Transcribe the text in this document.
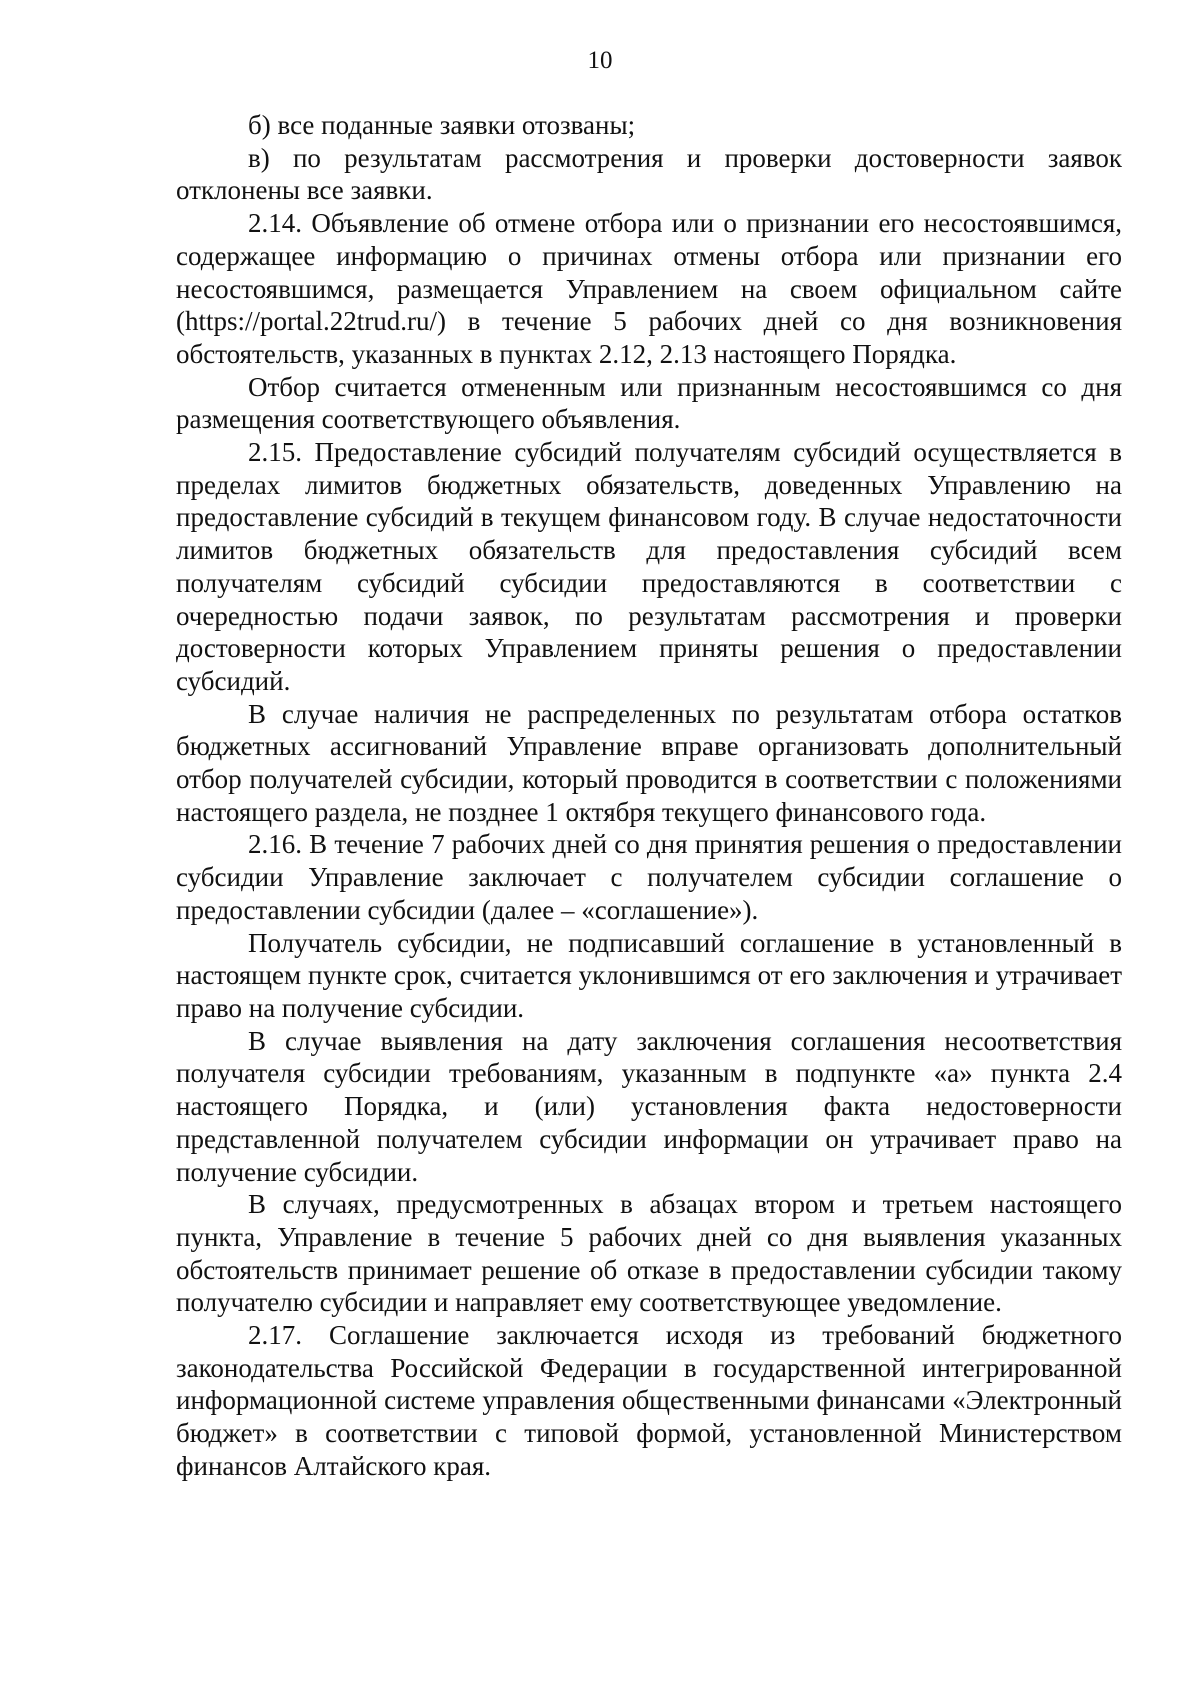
10

б) все поданные заявки отозваны;

в) по результатам рассмотрения и проверки достоверности заявок отклонены все заявки.

2.14. Объявление об отмене отбора или о признании его несостоявшимся, содержащее информацию о причинах отмены отбора или признании его несостоявшимся, размещается Управлением на своем официальном сайте (https://portal.22trud.ru/) в течение 5 рабочих дней со дня возникновения обстоятельств, указанных в пунктах 2.12, 2.13 настоящего Порядка.

Отбор считается отмененным или признанным несостоявшимся со дня размещения соответствующего объявления.

2.15. Предоставление субсидий получателям субсидий осуществляется в пределах лимитов бюджетных обязательств, доведенных Управлению на предоставление субсидий в текущем финансовом году. В случае недостаточности лимитов бюджетных обязательств для предоставления субсидий всем получателям субсидий субсидии предоставляются в соответствии с очередностью подачи заявок, по результатам рассмотрения и проверки достоверности которых Управлением приняты решения о предоставлении субсидий.

В случае наличия не распределенных по результатам отбора остатков бюджетных ассигнований Управление вправе организовать дополнительный отбор получателей субсидии, который проводится в соответствии с положениями настоящего раздела, не позднее 1 октября текущего финансового года.

2.16. В течение 7 рабочих дней со дня принятия решения о предоставлении субсидии Управление заключает с получателем субсидии соглашение о предоставлении субсидии (далее – «соглашение»).

Получатель субсидии, не подписавший соглашение в установленный в настоящем пункте срок, считается уклонившимся от его заключения и утрачивает право на получение субсидии.

В случае выявления на дату заключения соглашения несоответствия получателя субсидии требованиям, указанным в подпункте «а» пункта 2.4 настоящего Порядка, и (или) установления факта недостоверности представленной получателем субсидии информации он утрачивает право на получение субсидии.

В случаях, предусмотренных в абзацах втором и третьем настоящего пункта, Управление в течение 5 рабочих дней со дня выявления указанных обстоятельств принимает решение об отказе в предоставлении субсидии такому получателю субсидии и направляет ему соответствующее уведомление.

2.17. Соглашение заключается исходя из требований бюджетного законодательства Российской Федерации в государственной интегрированной информационной системе управления общественными финансами «Электронный бюджет» в соответствии с типовой формой, установленной Министерством финансов Алтайского края.
